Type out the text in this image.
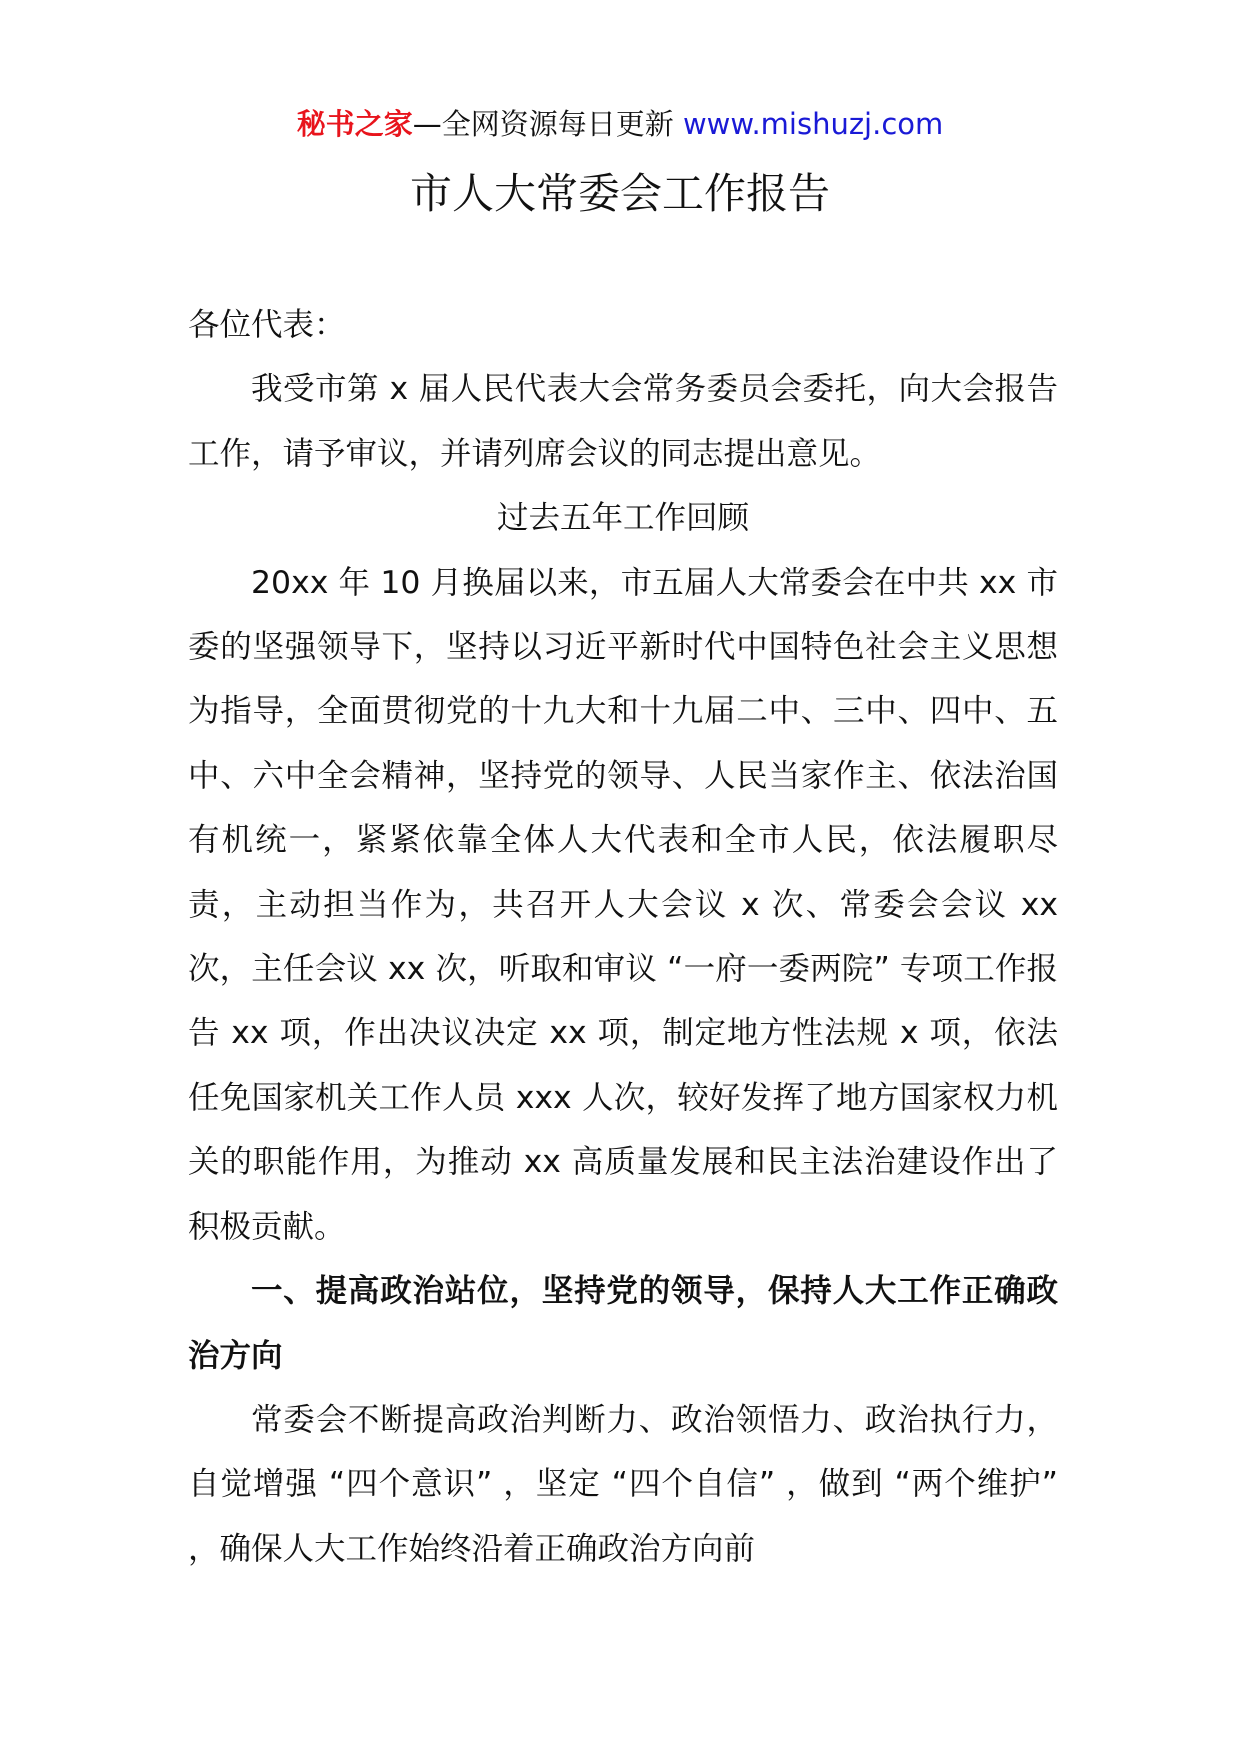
秘书之家—全网资源每日更新 www.mishuzj.com
市人大常委会工作报告

各位代表：

我受市第 x 届人民代表大会常务委员会委托，向大会报告工作，请予审议，并请列席会议的同志提出意见。

过去五年工作回顾

20xx 年 10 月换届以来，市五届人大常委会在中共 xx 市委的坚强领导下，坚持以习近平新时代中国特色社会主义思想为指导，全面贯彻党的十九大和十九届二中、三中、四中、五中、六中全会精神，坚持党的领导、人民当家作主、依法治国有机统一，紧紧依靠全体人大代表和全市人民，依法履职尽责，主动担当作为，共召开人大会议 x 次、常委会会议 xx 次，主任会议 xx 次，听取和审议 “一府一委两院” 专项工作报告 xx 项，作出决议决定 xx 项，制定地方性法规 x 项，依法任免国家机关工作人员 xxx 人次，较好发挥了地方国家权力机关的职能作用，为推动 xx 高质量发展和民主法治建设作出了积极贡献。

一、提高政治站位，坚持党的领导，保持人大工作正确政治方向

常委会不断提高政治判断力、政治领悟力、政治执行力，自觉增强 “四个意识” ，坚定 “四个自信” ，做到 “两个维护” ，确保人大工作始终沿着正确政治方向前
